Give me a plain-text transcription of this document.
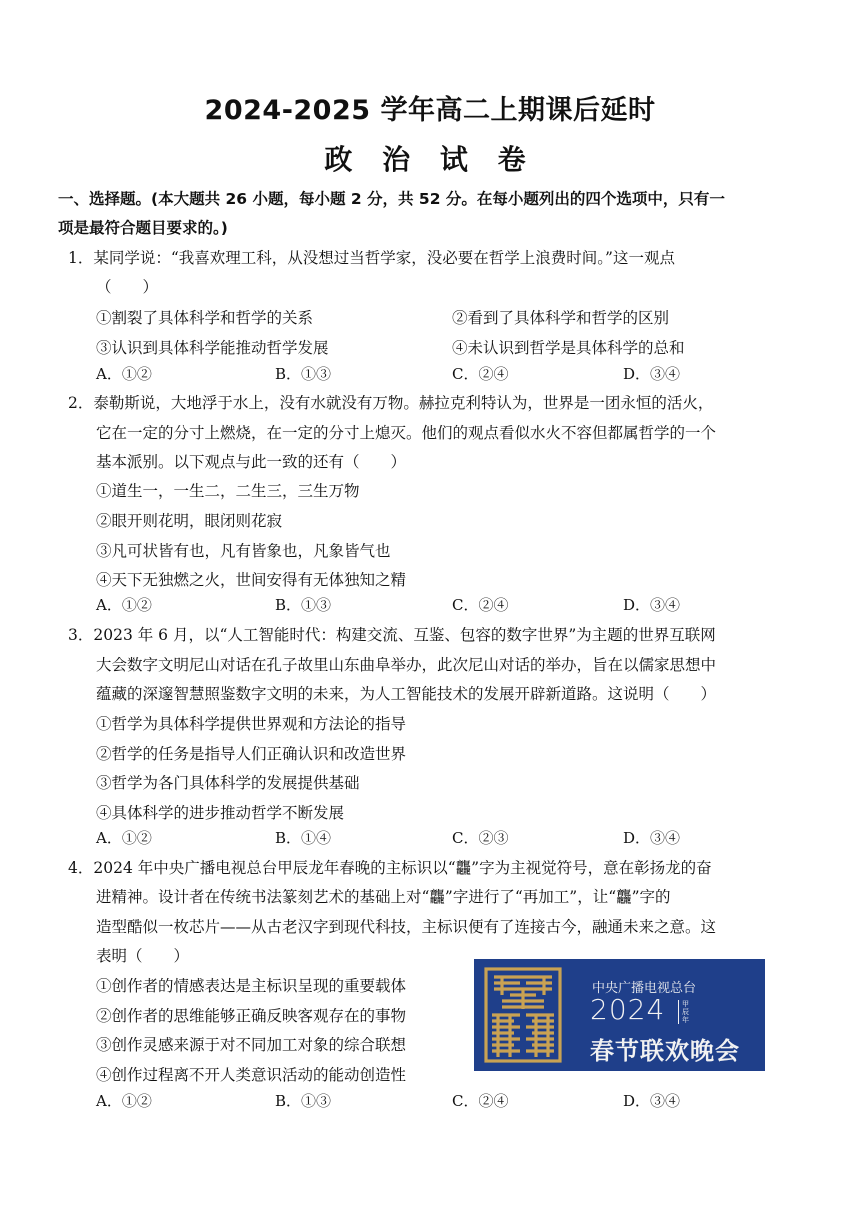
2024-2025 学年高二上期课后延时
政 治 试 卷
一、选择题。(本大题共 26 小题，每小题 2 分，共 52 分。在每小题列出的四个选项中，只有一
项是最符合题目要求的。)
1．某同学说：“我喜欢理工科，从没想过当哲学家，没必要在哲学上浪费时间。”这一观点
（　　）
①割裂了具体科学和哲学的关系	②看到了具体科学和哲学的区别
③认识到具体科学能推动哲学发展	④未认识到哲学是具体科学的总和
A．①②	B．①③	C．②④	D．③④
2．泰勒斯说，大地浮于水上，没有水就没有万物。赫拉克利特认为，世界是一团永恒的活火，
它在一定的分寸上燃烧，在一定的分寸上熄灭。他们的观点看似水火不容但都属哲学的一个
基本派别。以下观点与此一致的还有（　　）
①道生一，一生二，二生三，三生万物
②眼开则花明，眼闭则花寂
③凡可状皆有也，凡有皆象也，凡象皆气也
④天下无独燃之火，世间安得有无体独知之精
A．①②	B．①③	C．②④	D．③④
3．2023 年 6 月，以“人工智能时代：构建交流、互鉴、包容的数字世界”为主题的世界互联网
大会数字文明尼山对话在孔子故里山东曲阜举办，此次尼山对话的举办，旨在以儒家思想中
蕴藏的深邃智慧照鉴数字文明的未来，为人工智能技术的发展开辟新道路。这说明（　　）
①哲学为具体科学提供世界观和方法论的指导
②哲学的任务是指导人们正确认识和改造世界
③哲学为各门具体科学的发展提供基础
④具体科学的进步推动哲学不断发展
A．①②	B．①④	C．②③	D．③④
4．2024 年中央广播电视总台甲辰龙年春晚的主标识以“龘”字为主视觉符号，意在彰扬龙的奋
进精神。设计者在传统书法篆刻艺术的基础上对“龘”字进行了“再加工”，让“龘”字的
造型酷似一枚芯片——从古老汉字到现代科技，主标识便有了连接古今，融通未来之意。这
表明（　　）
①创作者的情感表达是主标识呈现的重要载体
②创作者的思维能够正确反映客观存在的事物
③创作灵感来源于对不同加工对象的综合联想
④创作过程离不开人类意识活动的能动创造性
A．①②	B．①③	C．②④	D．③④
中央广播电视总台
2024	甲辰年
春节联欢晚会
